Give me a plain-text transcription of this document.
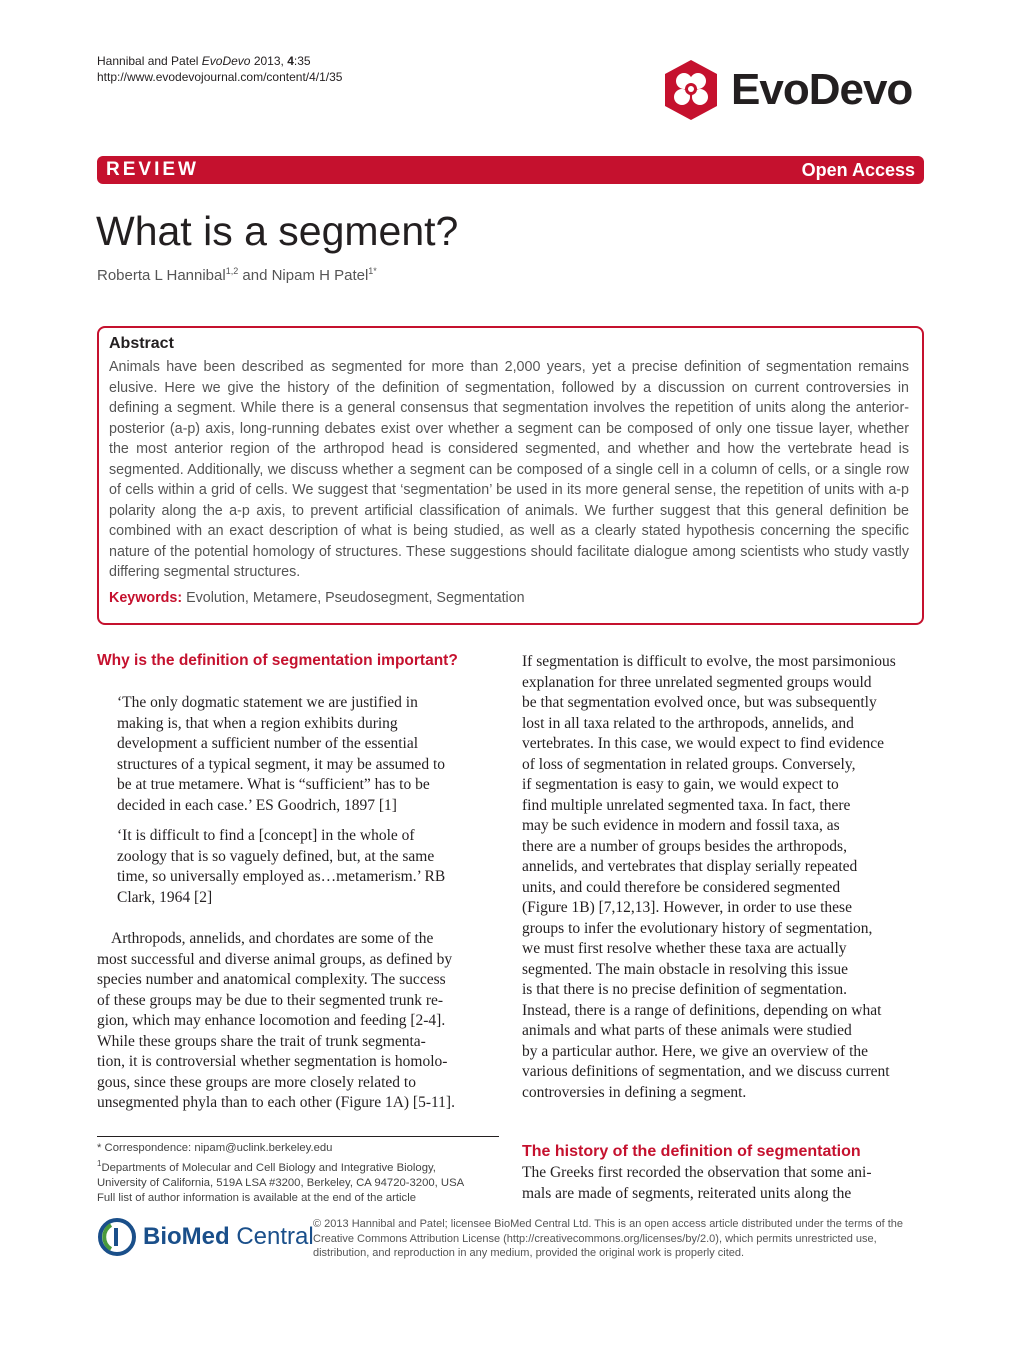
Hannibal and Patel EvoDevo 2013, 4:35
http://www.evodevojournal.com/content/4/1/35	EvoDevo
REVIEW	Open Access
What is a segment?
Roberta L Hannibal$^{1,2}$ and Nipam H Patel$^{1*}$
Abstract

Animals have been described as segmented for more than 2,000 years, yet a precise definition of segmentation remains elusive. Here we give the history of the definition of segmentation, followed by a discussion on current controversies in defining a segment. While there is a general consensus that segmentation involves the repetition of units along the anterior-posterior (a-p) axis, long-running debates exist over whether a segment can be composed of only one tissue layer, whether the most anterior region of the arthropod head is considered segmented, and whether and how the vertebrate head is segmented. Additionally, we discuss whether a segment can be composed of a single cell in a column of cells, or a single row of cells within a grid of cells. We suggest that ‘segmentation’ be used in its more general sense, the repetition of units with a-p polarity along the a-p axis, to prevent artificial classification of animals. We further suggest that this general definition be combined with an exact description of what is being studied, as well as a clearly stated hypothesis concerning the specific nature of the potential homology of structures. These suggestions should facilitate dialogue among scientists who study vastly differing segmental structures.

Keywords: Evolution, Metamere, Pseudosegment, Segmentation
Why is the definition of segmentation important?
‘The only dogmatic statement we are justified in
making is, that when a region exhibits during
development a sufficient number of the essential
structures of a typical segment, it may be assumed to
be at true metamere. What is “sufficient” has to be
decided in each case.’ ES Goodrich, 1897 [1]
‘It is difficult to find a [concept] in the whole of
zoology that is so vaguely defined, but, at the same
time, so universally employed as…metamerism.’ RB
Clark, 1964 [2]
Arthropods, annelids, and chordates are some of the
most successful and diverse animal groups, as defined by
species number and anatomical complexity. The success
of these groups may be due to their segmented trunk re-
gion, which may enhance locomotion and feeding [2-4].
While these groups share the trait of trunk segmenta-
tion, it is controversial whether segmentation is homolo-
gous, since these groups are more closely related to
unsegmented phyla than to each other (Figure 1A) [5-11].
* Correspondence: nipam@uclink.berkeley.edu
$^1$Departments of Molecular and Cell Biology and Integrative Biology,
University of California, 519A LSA #3200, Berkeley, CA 94720-3200, USA
Full list of author information is available at the end of the article
If segmentation is difficult to evolve, the most parsimonious
explanation for three unrelated segmented groups would
be that segmentation evolved once, but was subsequently
lost in all taxa related to the arthropods, annelids, and
vertebrates. In this case, we would expect to find evidence
of loss of segmentation in related groups. Conversely,
if segmentation is easy to gain, we would expect to
find multiple unrelated segmented taxa. In fact, there
may be such evidence in modern and fossil taxa, as
there are a number of groups besides the arthropods,
annelids, and vertebrates that display serially repeated
units, and could therefore be considered segmented
(Figure 1B) [7,12,13]. However, in order to use these
groups to infer the evolutionary history of segmentation,
we must first resolve whether these taxa are actually
segmented. The main obstacle in resolving this issue
is that there is no precise definition of segmentation.
Instead, there is a range of definitions, depending on what
animals and what parts of these animals were studied
by a particular author. Here, we give an overview of the
various definitions of segmentation, and we discuss current
controversies in defining a segment.
The history of the definition of segmentation
The Greeks first recorded the observation that some ani-
mals are made of segments, reiterated units along the
BioMed Central © 2013 Hannibal and Patel; licensee BioMed Central Ltd. This is an open access article distributed under the terms of the
Creative Commons Attribution License (http://creativecommons.org/licenses/by/2.0), which permits unrestricted use,
distribution, and reproduction in any medium, provided the original work is properly cited.
